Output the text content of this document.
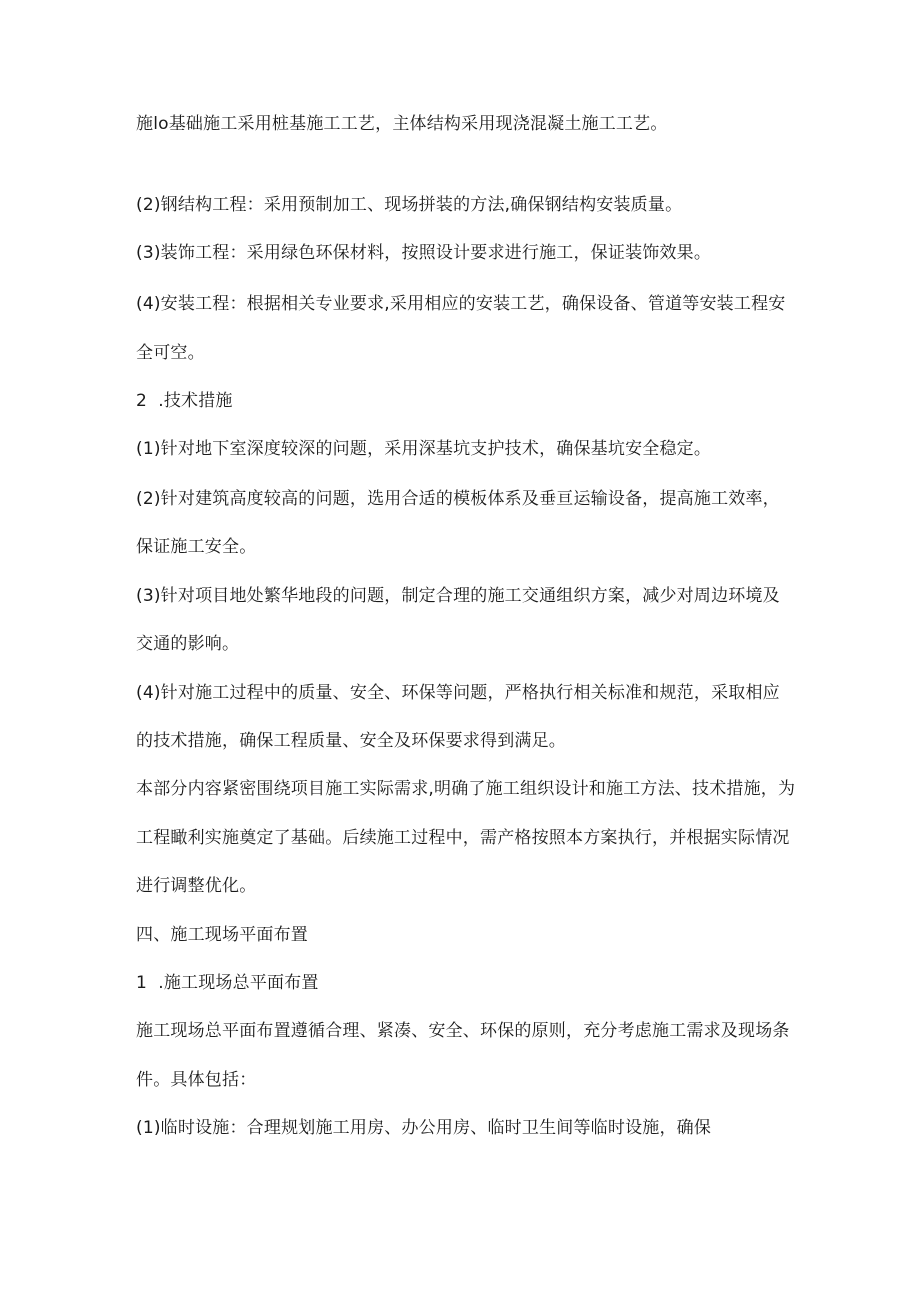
施lo基础施工采用桩基施工工艺，主体结构采用现浇混凝土施工工艺。
(2)钢结构工程：采用预制加工、现场拼装的方法,确保钢结构安装质量。
(3)装饰工程：采用绿色环保材料，按照设计要求进行施工，保证装饰效果。
(4)安装工程：根据相关专业要求,采用相应的安装工艺，确保设备、管道等安装工程安
全可空。
2  .技术措施
(1)针对地下室深度较深的问题，采用深基坑支护技术，确保基坑安全稳定。
(2)针对建筑高度较高的问题，选用合适的模板体系及垂亘运输设备，提高施工效率，
保证施工安全。
(3)针对项目地处繁华地段的问题，制定合理的施工交通组织方案，减少对周边环境及
交通的影响。
(4)针对施工过程中的质量、安全、环保等问题，严格执行相关标准和规范，采取相应
的技术措施，确保工程质量、安全及环保要求得到满足。
本部分内容紧密围绕项目施工实际需求,明确了施工组织设计和施工方法、技术措施，为
工程瞰利实施奠定了基础。后续施工过程中，需产格按照本方案执行，并根据实际情况
进行调整优化。
四、施工现场平面布置
1  .施工现场总平面布置
施工现场总平面布置遵循合理、紧凑、安全、环保的原则，充分考虑施工需求及现场条
件。具体包括：
(1)临时设施：合理规划施工用房、办公用房、临时卫生间等临时设施，确保
